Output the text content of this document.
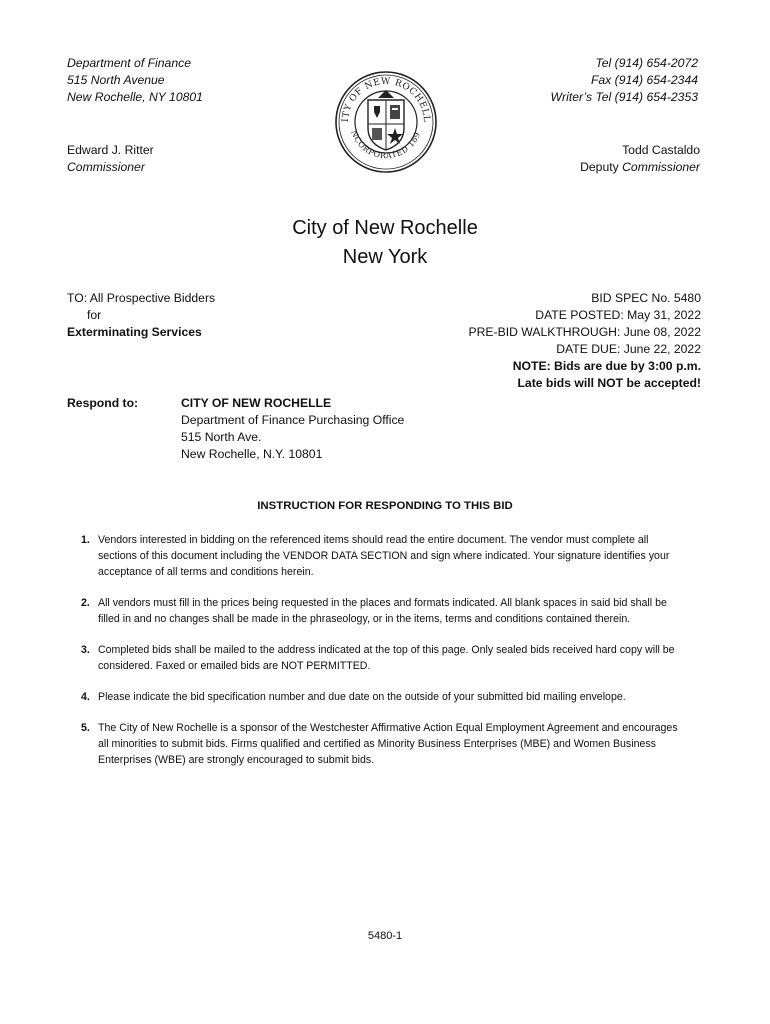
Department of Finance
515 North Avenue
New Rochelle, NY 10801
Tel (914) 654-2072
Fax (914) 654-2344
Writer’s Tel (914) 654-2353
ITY OF NEW ROCHELL
NCORPORATED 189
Edward J. Ritter
Commissioner
Todd Castaldo
Deputy Commissioner
City of New Rochelle
New York
TO: All Prospective Bidders
for
Exterminating Services
BID SPEC No. 5480
DATE POSTED: May 31, 2022
PRE-BID WALKTHROUGH: June 08, 2022
DATE DUE: June 22, 2022
NOTE: Bids are due by 3:00 p.m.
Late bids will NOT be accepted!
Respond to:	CITY OF NEW ROCHELLE
Department of Finance Purchasing Office
515 North Ave.
New Rochelle, N.Y. 10801
INSTRUCTION FOR RESPONDING TO THIS BID
1. Vendors interested in bidding on the referenced items should read the entire document. The vendor must complete all sections of this document including the VENDOR DATA SECTION and sign where indicated. Your signature identifies your acceptance of all terms and conditions herein.
2. All vendors must fill in the prices being requested in the places and formats indicated. All blank spaces in said bid shall be filled in and no changes shall be made in the phraseology, or in the items, terms and conditions contained therein.
3. Completed bids shall be mailed to the address indicated at the top of this page. Only sealed bids received hard copy will be considered. Faxed or emailed bids are NOT PERMITTED.
4. Please indicate the bid specification number and due date on the outside of your submitted bid mailing envelope.
5. The City of New Rochelle is a sponsor of the Westchester Affirmative Action Equal Employment Agreement and encourages all minorities to submit bids. Firms qualified and certified as Minority Business Enterprises (MBE) and Women Business Enterprises (WBE) are strongly encouraged to submit bids.
5480-1
